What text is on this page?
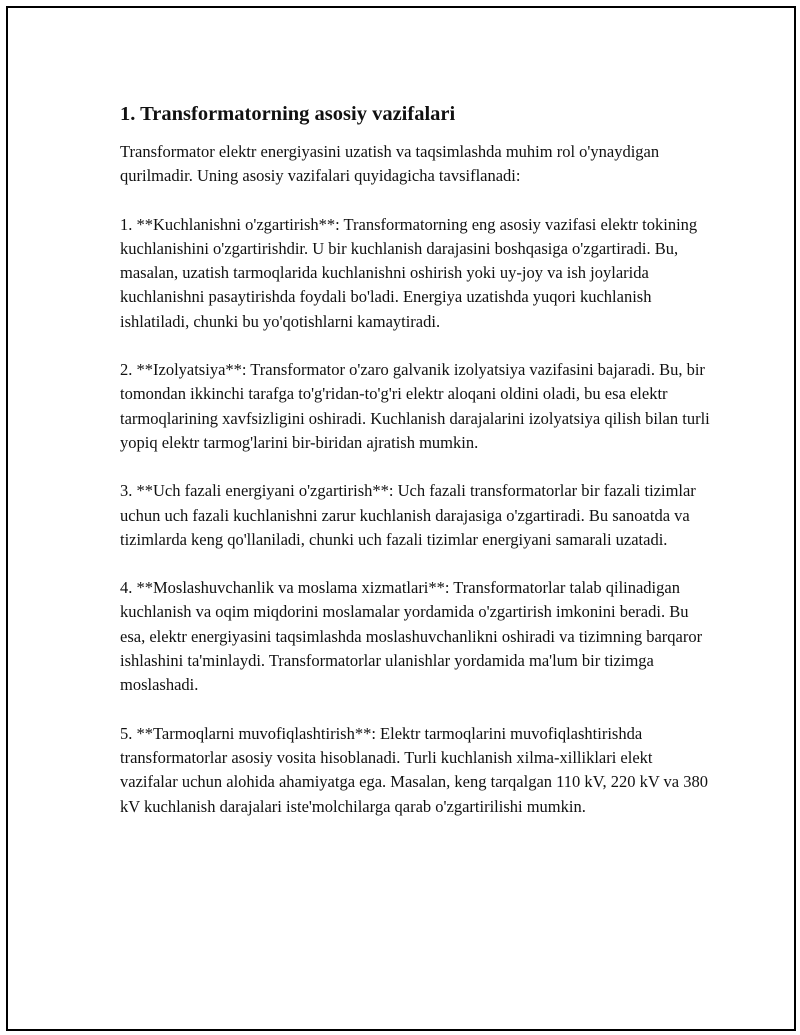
1. Transformatorning asosiy vazifalari

Transformator elektr energiyasini uzatish va taqsimlashda muhim rol o'ynaydigan qurilmadir. Uning asosiy vazifalari quyidagicha tavsiflanadi:

1. **Kuchlanishni o'zgartirish**: Transformatorning eng asosiy vazifasi elektr tokining kuchlanishini o'zgartirishdir. U bir kuchlanish darajasini boshqasiga o'zgartiradi. Bu, masalan, uzatish tarmoqlarida kuchlanishni oshirish yoki uy-joy va ish joylarida kuchlanishni pasaytirishda foydali bo'ladi. Energiya uzatishda yuqori kuchlanish ishlatiladi, chunki bu yo'qotishlarni kamaytiradi.

2. **Izolyatsiya**: Transformator o'zaro galvanik izolyatsiya vazifasini bajaradi. Bu, bir tomondan ikkinchi tarafga to'g'ridan-to'g'ri elektr aloqani oldini oladi, bu esa elektr tarmoqlarining xavfsizligini oshiradi. Kuchlanish darajalarini izolyatsiya qilish bilan turli yopiq elektr tarmog'larini bir-biridan ajratish mumkin.

3. **Uch fazali energiyani o'zgartirish**: Uch fazali transformatorlar bir fazali tizimlar uchun uch fazali kuchlanishni zarur kuchlanish darajasiga o'zgartiradi. Bu sanoatda va tizimlarda keng qo'llaniladi, chunki uch fazali tizimlar energiyani samarali uzatadi.

4. **Moslashuvchanlik va moslama xizmatlari**: Transformatorlar talab qilinadigan kuchlanish va oqim miqdorini moslamalar yordamida o'zgartirish imkonini beradi. Bu esa, elektr energiyasini taqsimlashda moslashuvchanlikni oshiradi va tizimning barqaror ishlashini ta'minlaydi. Transformatorlar ulanishlar yordamida ma'lum bir tizimga moslashadi.

5. **Tarmoqlarni muvofiqlashtirish**: Elektr tarmoqlarini muvofiqlashtirishda transformatorlar asosiy vosita hisoblanadi. Turli kuchlanish xilma-xilliklari elekt vazifalar uchun alohida ahamiyatga ega. Masalan, keng tarqalgan 110 kV, 220 kV va 380 kV kuchlanish darajalari iste'molchilarga qarab o'zgartirilishi mumkin.
